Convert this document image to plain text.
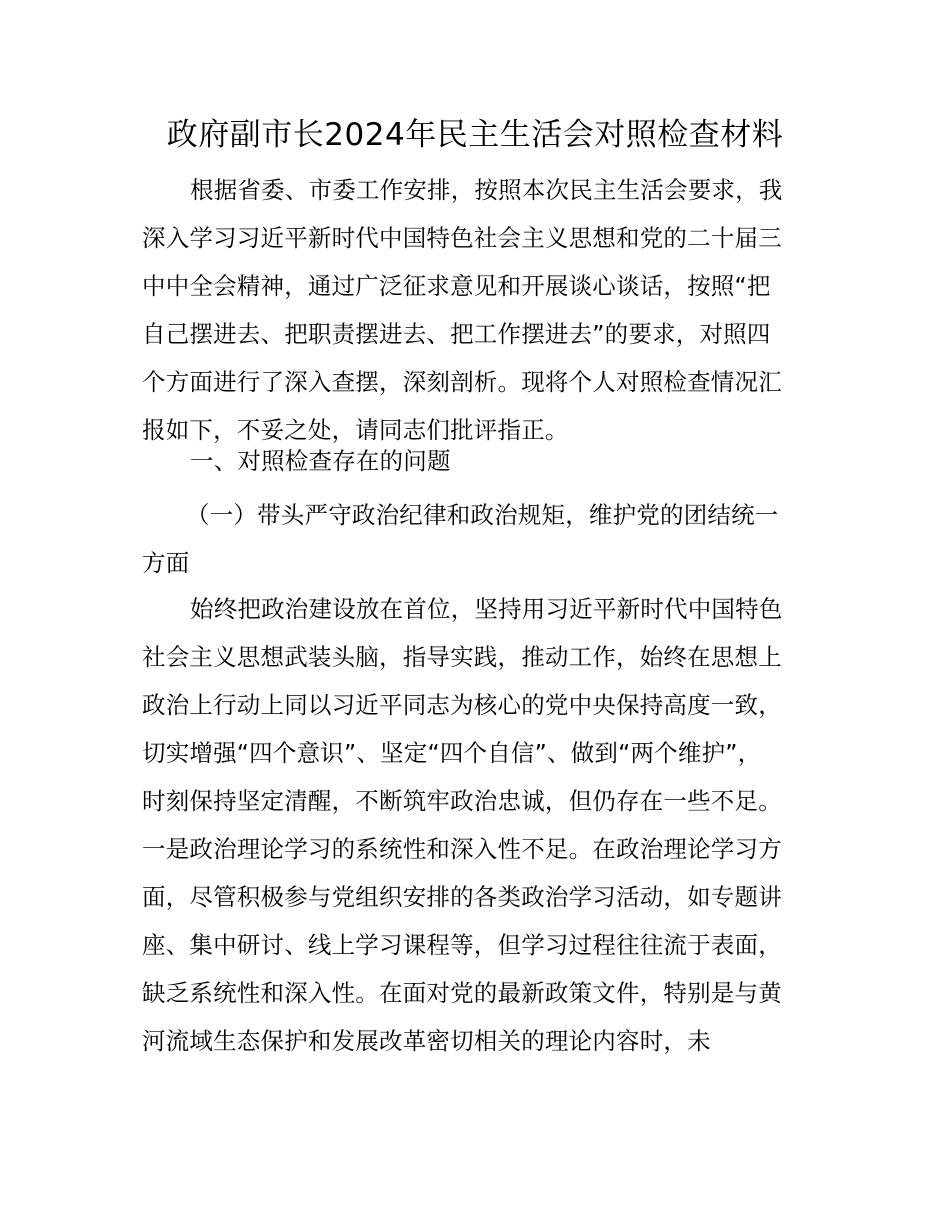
政府副市长2024年民主生活会对照检查材料
根据省委、市委工作安排，按照本次民主生活会要求，我
深入学习习近平新时代中国特色社会主义思想和党的二十届三
中中全会精神，通过广泛征求意见和开展谈心谈话，按照“把
自己摆进去、把职责摆进去、把工作摆进去”的要求，对照四
个方面进行了深入查摆，深刻剖析。现将个人对照检查情况汇
报如下，不妥之处，请同志们批评指正。
一、对照检查存在的问题
（一）带头严守政治纪律和政治规矩，维护党的团结统一
方面
始终把政治建设放在首位，坚持用习近平新时代中国特色
社会主义思想武装头脑，指导实践，推动工作，始终在思想上
政治上行动上同以习近平同志为核心的党中央保持高度一致，
切实增强“四个意识”、坚定“四个自信”、做到“两个维护”，
时刻保持坚定清醒，不断筑牢政治忠诚，但仍存在一些不足。
一是政治理论学习的系统性和深入性不足。在政治理论学习方
面，尽管积极参与党组织安排的各类政治学习活动，如专题讲
座、集中研讨、线上学习课程等，但学习过程往往流于表面，
缺乏系统性和深入性。在面对党的最新政策文件，特别是与黄
河流域生态保护和发展改革密切相关的理论内容时，未
